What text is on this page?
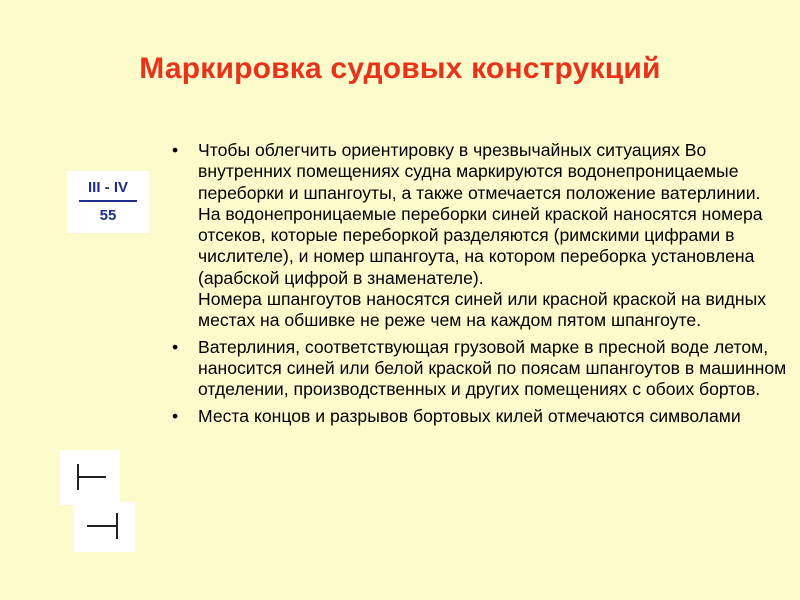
Маркировка судовых конструкций
III - IV
55
• Чтобы облегчить ориентировку в чрезвычайных ситуациях Во внутренних помещениях судна маркируются водонепроницаемые переборки и шпангоуты, а также отмечается положение ватерлинии.
На водонепроницаемые переборки синей краской наносятся номера отсеков, которые переборкой разделяются (римскими цифрами в числителе), и номер шпангоута, на котором переборка установлена (арабской цифрой в знаменателе).
Номера шпангоутов наносятся синей или красной краской на видных местах на обшивке не реже чем на каждом пятом шпангоуте.
• Ватерлиния, соответствующая грузовой марке в пресной воде летом, наносится синей или белой краской по поясам шпангоутов в машинном отделении, производственных и других помещениях с обоих бортов.
• Места концов и разрывов бортовых килей отмечаются символами
